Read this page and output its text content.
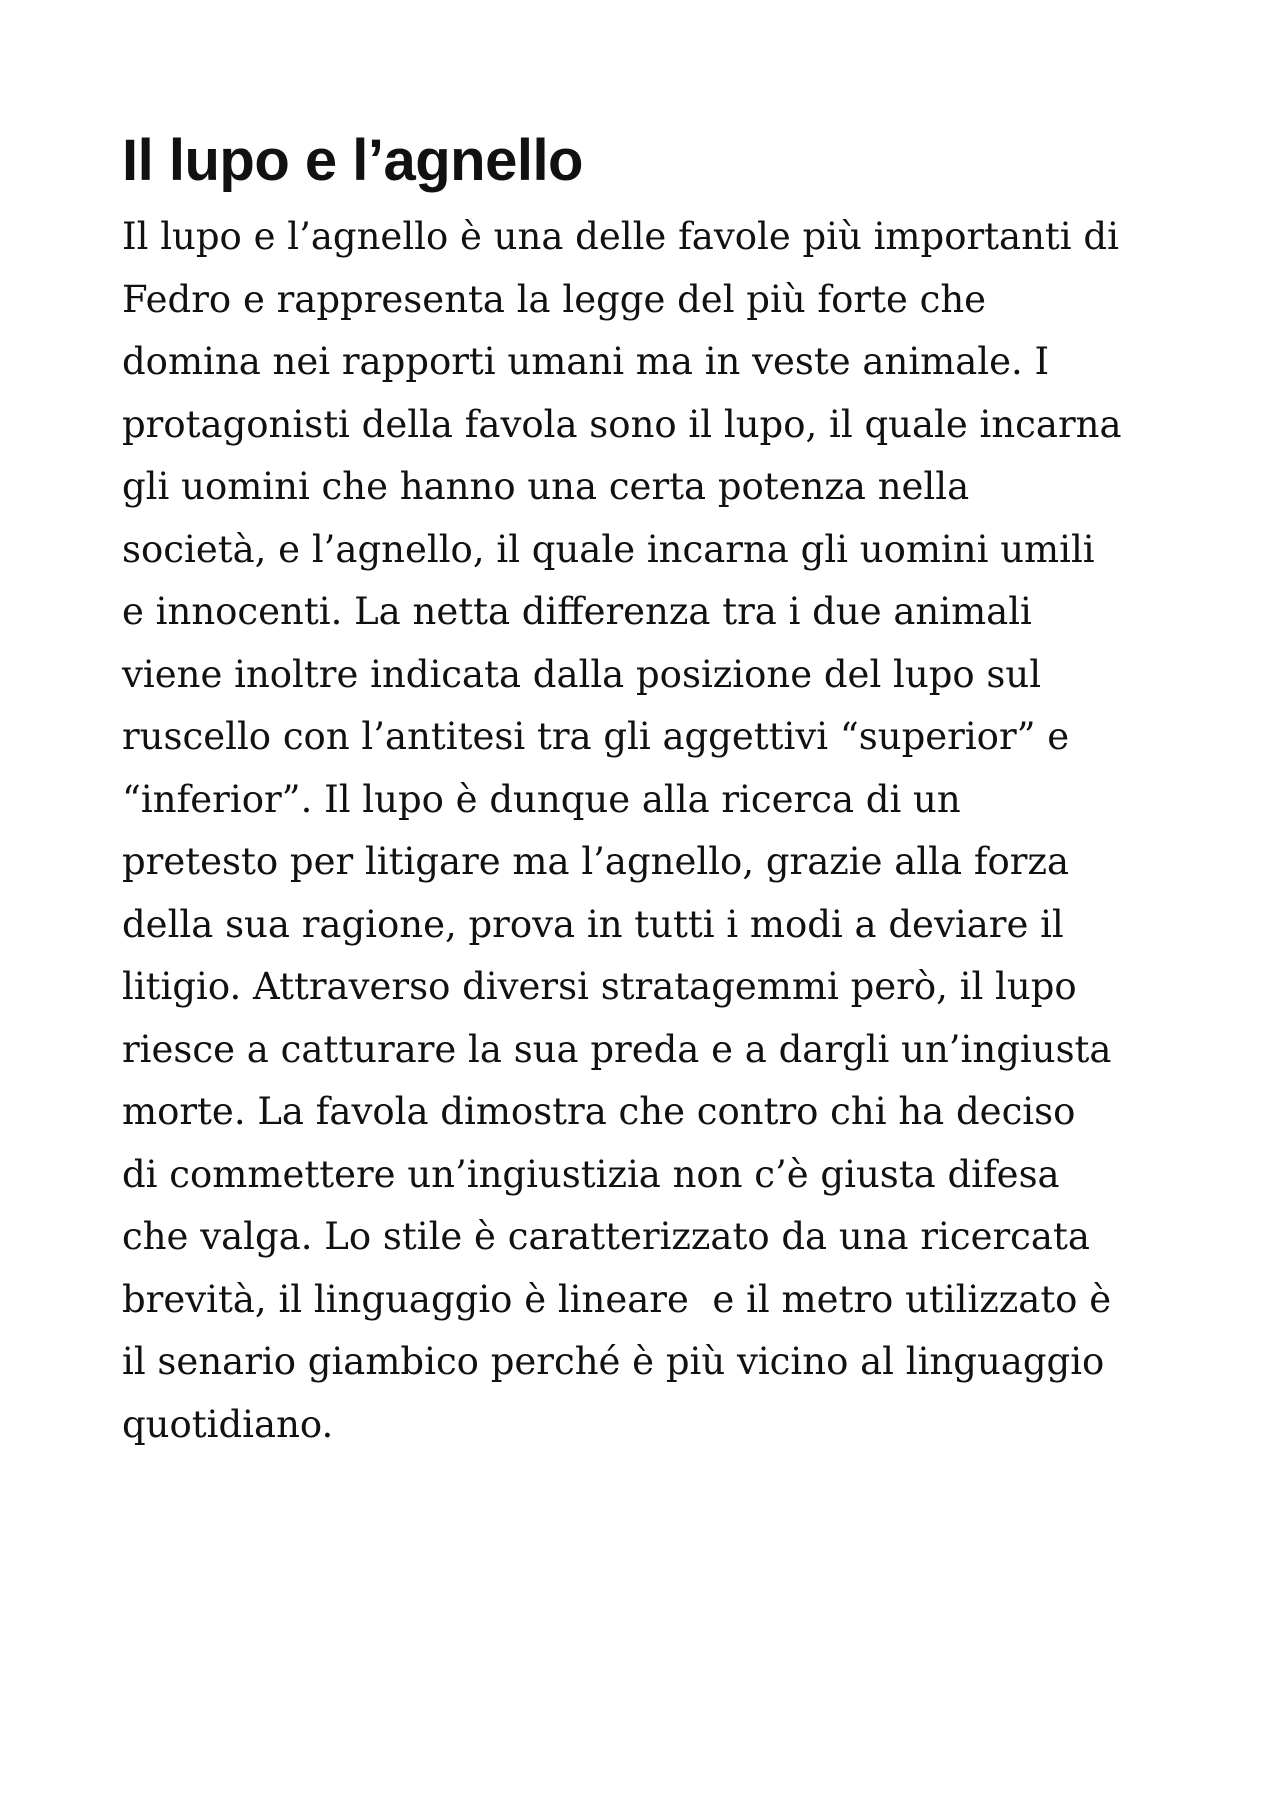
Il lupo e l’agnello

Il lupo e l’agnello è una delle favole più importanti di
Fedro e rappresenta la legge del più forte che
domina nei rapporti umani ma in veste animale. I
protagonisti della favola sono il lupo, il quale incarna
gli uomini che hanno una certa potenza nella
società, e l’agnello, il quale incarna gli uomini umili
e innocenti. La netta differenza tra i due animali
viene inoltre indicata dalla posizione del lupo sul
ruscello con l’antitesi tra gli aggettivi “superior” e
“inferior”. Il lupo è dunque alla ricerca di un
pretesto per litigare ma l’agnello, grazie alla forza
della sua ragione, prova in tutti i modi a deviare il
litigio. Attraverso diversi stratagemmi però, il lupo
riesce a catturare la sua preda e a dargli un’ingiusta
morte. La favola dimostra che contro chi ha deciso
di commettere un’ingiustizia non c’è giusta difesa
che valga. Lo stile è caratterizzato da una ricercata
brevità, il linguaggio è lineare  e il metro utilizzato è
il senario giambico perché è più vicino al linguaggio
quotidiano.
